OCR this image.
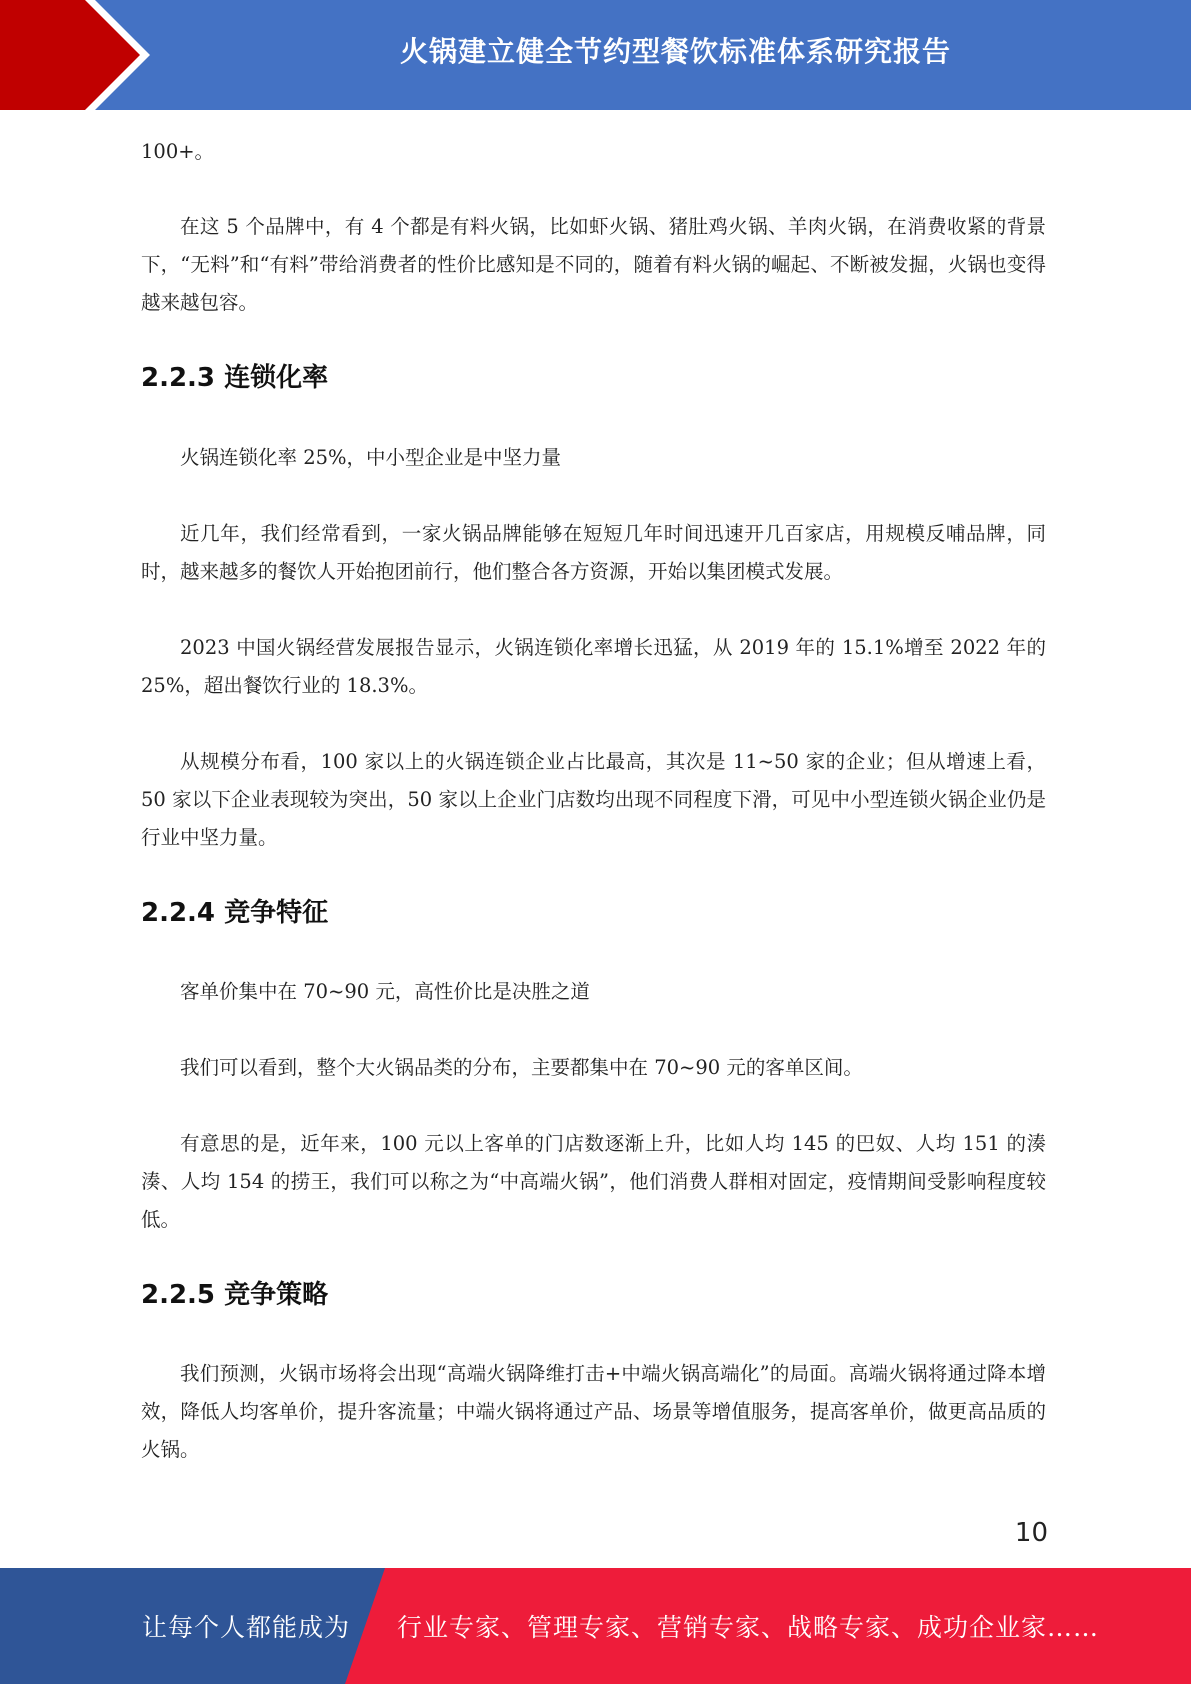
火锅建立健全节约型餐饮标准体系研究报告

100+。

在这 5 个品牌中，有 4 个都是有料火锅，比如虾火锅、猪肚鸡火锅、羊肉火锅，在消费收紧的背景下，“无料”和“有料”带给消费者的性价比感知是不同的，随着有料火锅的崛起、不断被发掘，火锅也变得越来越包容。

2.2.3 连锁化率

火锅连锁化率 25%，中小型企业是中坚力量

近几年，我们经常看到，一家火锅品牌能够在短短几年时间迅速开几百家店，用规模反哺品牌，同时，越来越多的餐饮人开始抱团前行，他们整合各方资源，开始以集团模式发展。

2023 中国火锅经营发展报告显示，火锅连锁化率增长迅猛，从 2019 年的 15.1%增至 2022 年的 25%，超出餐饮行业的 18.3%。

从规模分布看，100 家以上的火锅连锁企业占比最高，其次是 11~50 家的企业；但从增速上看，50 家以下企业表现较为突出，50 家以上企业门店数均出现不同程度下滑，可见中小型连锁火锅企业仍是行业中坚力量。

2.2.4 竞争特征

客单价集中在 70~90 元，高性价比是决胜之道

我们可以看到，整个大火锅品类的分布，主要都集中在 70~90 元的客单区间。

有意思的是，近年来，100 元以上客单的门店数逐渐上升，比如人均 145 的巴奴、人均 151 的湊湊、人均 154 的捞王，我们可以称之为“中高端火锅”，他们消费人群相对固定，疫情期间受影响程度较低。

2.2.5 竞争策略

我们预测，火锅市场将会出现“高端火锅降维打击+中端火锅高端化”的局面。高端火锅将通过降本增效，降低人均客单价，提升客流量；中端火锅将通过产品、场景等增值服务，提高客单价，做更高品质的火锅。

10
让每个人都能成为 行业专家、管理专家、营销专家、战略专家、成功企业家……
